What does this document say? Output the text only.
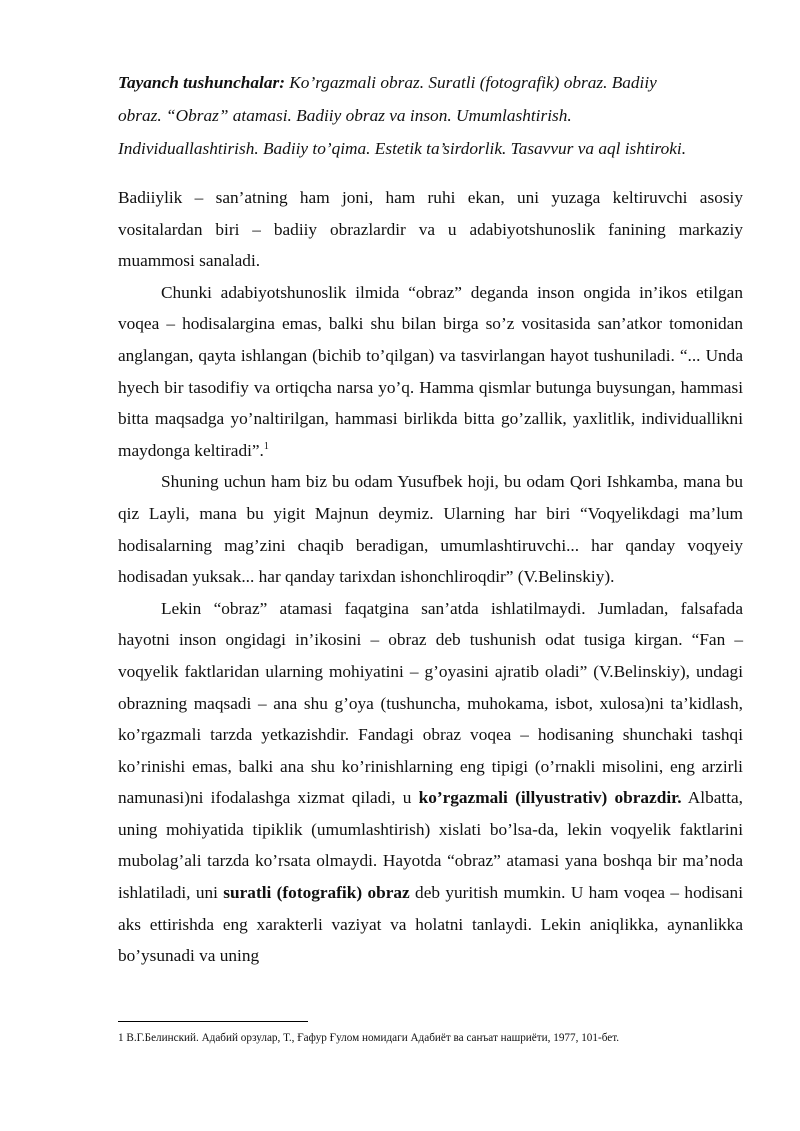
Tayanch tushunchalar: Ko’rgazmali obraz. Suratli (fotografik) obraz. Badiiy
obraz. “Obraz” atamasi. Badiiy obraz va inson. Umumlashtirish.
Individuallashtirish. Badiiy to’qima. Estetik ta’sirdorlik. Tasavvur va aql ishtiroki.

Badiiylik – san’atning ham joni, ham ruhi ekan, uni yuzaga keltiruvchi asosiy vositalardan biri – badiiy obrazlardir va u adabiyotshunoslik fanining markaziy muammosi sanaladi.

Chunki adabiyotshunoslik ilmida “obraz” deganda inson ongida in’ikos etilgan voqea – hodisalargina emas, balki shu bilan birga so’z vositasida san’atkor tomonidan anglangan, qayta ishlangan (bichib to’qilgan) va tasvirlangan hayot tushuniladi. “... Unda hyech bir tasodifiy va ortiqcha narsa yo’q. Hamma qismlar butunga buysungan, hammasi bitta maqsadga yo’naltirilgan, hammasi birlikda bitta go’zallik, yaxlitlik, individuallikni maydonga keltiradi”.$^1$

Shuning uchun ham biz bu odam Yusufbek hoji, bu odam Qori Ishkamba, mana bu qiz Layli, mana bu yigit Majnun deymiz. Ularning har biri “Voqyelikdagi ma’lum hodisalarning mag’zini chaqib beradigan, umumlashtiruvchi... har qanday voqyeiy hodisadan yuksak... har qanday tarixdan ishonchliroqdir” (V.Belinskiy).

Lekin “obraz” atamasi faqatgina san’atda ishlatilmaydi. Jumladan, falsafada hayotni inson ongidagi in’ikosini – obraz deb tushunish odat tusiga kirgan. “Fan – voqyelik faktlaridan ularning mohiyatini – g’oyasini ajratib oladi” (V.Belinskiy), undagi obrazning maqsadi – ana shu g’oya (tushuncha, muhokama, isbot, xulosa)ni ta’kidlash, ko’rgazmali tarzda yetkazishdir. Fandagi obraz voqea – hodisaning shunchaki tashqi ko’rinishi emas, balki ana shu ko’rinishlarning eng tipigi (o’rnakli misolini, eng arzirli namunasi)ni ifodalashga xizmat qiladi, u ko’rgazmali (illyustrativ) obrazdir. Albatta, uning mohiyatida tipiklik (umumlashtirish) xislati bo’lsa-da, lekin voqyelik faktlarini mubolag’ali tarzda ko’rsata olmaydi. Hayotda “obraz” atamasi yana boshqa bir ma’noda ishlatiladi, uni suratli (fotografik) obraz deb yuritish mumkin. U ham voqea – hodisani aks ettirishda eng xarakterli vaziyat va holatni tanlaydi. Lekin aniqlikka, aynanlikka bo’ysunadi va uning

1 В.Г.Белинский. Адабий орзулар, Т., Ғафур Ғулом номидаги Адабиёт ва санъат нашриёти, 1977, 101-бет.
